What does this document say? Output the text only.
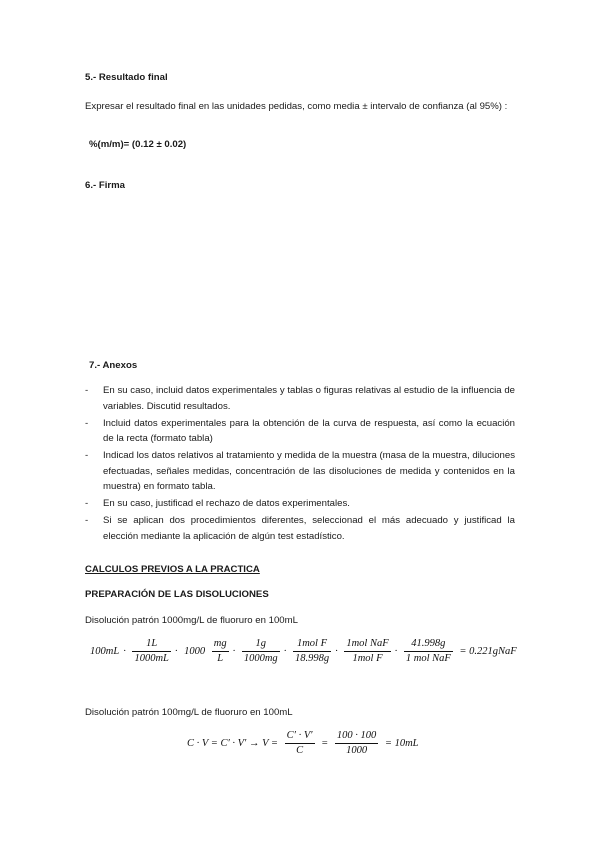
5.- Resultado final
Expresar el resultado final en las unidades pedidas, como media ± intervalo de confianza (al 95%) :
%(m/m)= (0.12 ± 0.02)
6.- Firma
7.- Anexos
- En su caso, incluid datos experimentales y tablas o figuras relativas al estudio de la influencia de variables. Discutid resultados.
- Incluid datos experimentales para la obtención de la curva de respuesta, así como la ecuación de la recta (formato tabla)
- Indicad los datos relativos al tratamiento y medida de la muestra (masa de la muestra, diluciones efectuadas, señales medidas, concentración de las disoluciones de medida y contenidos en la muestra) en formato tabla.
- En su caso, justificad el rechazo de datos experimentales.
- Si se aplican dos procedimientos diferentes, seleccionad el más adecuado y justificad la elección mediante la aplicación de algún test estadístico.
CALCULOS PREVIOS A LA PRACTICA
PREPARACIÓN DE LAS DISOLUCIONES
Disolución patrón 1000mg/L de fluoruro en 100mL
$100mL \cdot \frac{1L}{1000mL} \cdot 1000 \frac{mg}{L} \cdot \frac{1g}{1000mg} \cdot \frac{\text{1mol F}}{18.998g} \cdot \frac{\text{1mol NaF}}{\text{1mol F}} \cdot \frac{41.998g}{\text{1 mol NaF}}$ = 0.221gNaF
Disolución patrón 100mg/L de fluoruro en 100mL
$C \cdot V = C' \cdot V' \to V = \frac{C' \cdot V'}{C} = \frac{100 \cdot 100}{1000} = 10mL$
